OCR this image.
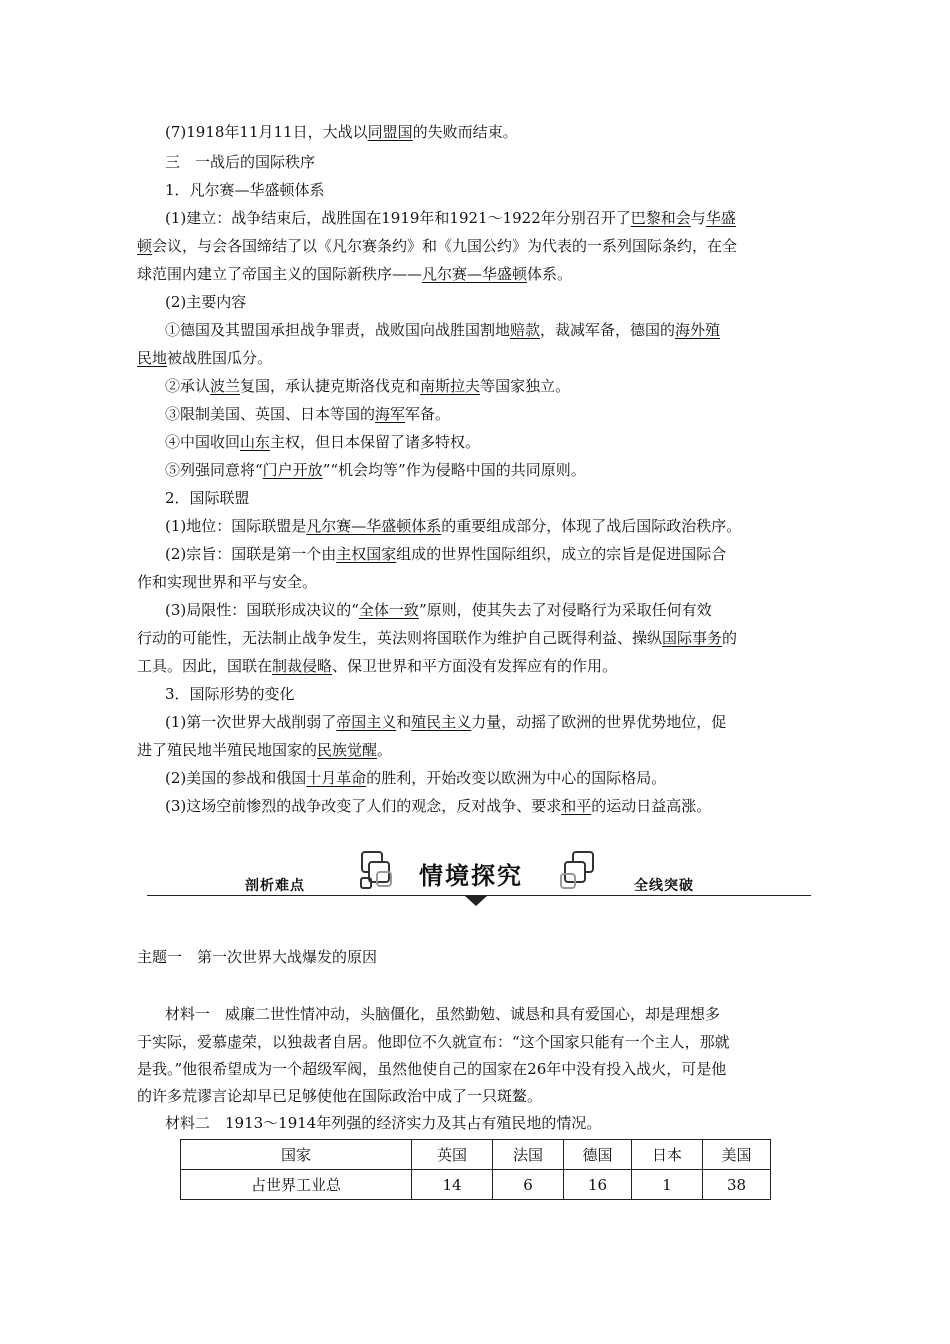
(7)1918年11月11日，大战以同盟国的失败而结束。
三　一战后的国际秩序
1．凡尔赛—华盛顿体系
(1)建立：战争结束后，战胜国在1919年和1921～1922年分别召开了巴黎和会与华盛
顿会议，与会各国缔结了以《凡尔赛条约》和《九国公约》为代表的一系列国际条约，在全
球范围内建立了帝国主义的国际新秩序——凡尔赛—华盛顿体系。
(2)主要内容
①德国及其盟国承担战争罪责，战败国向战胜国割地赔款，裁减军备，德国的海外殖
民地被战胜国瓜分。
②承认波兰复国，承认捷克斯洛伐克和南斯拉夫等国家独立。
③限制美国、英国、日本等国的海军军备。
④中国收回山东主权，但日本保留了诸多特权。
⑤列强同意将“门户开放”“机会均等”作为侵略中国的共同原则。
2．国际联盟
(1)地位：国际联盟是凡尔赛—华盛顿体系的重要组成部分，体现了战后国际政治秩序。
(2)宗旨：国联是第一个由主权国家组成的世界性国际组织，成立的宗旨是促进国际合
作和实现世界和平与安全。
(3)局限性：国联形成决议的“全体一致”原则，使其失去了对侵略行为采取任何有效
行动的可能性，无法制止战争发生，英法则将国联作为维护自己既得利益、操纵国际事务的
工具。因此，国联在制裁侵略、保卫世界和平方面没有发挥应有的作用。
3．国际形势的变化
(1)第一次世界大战削弱了帝国主义和殖民主义力量，动摇了欧洲的世界优势地位，促
进了殖民地半殖民地国家的民族觉醒。
(2)美国的参战和俄国十月革命的胜利，开始改变以欧洲为中心的国际格局。
(3)这场空前惨烈的战争改变了人们的观念，反对战争、要求和平的运动日益高涨。
剖析难点	情境探究	全线突破
主题一　第一次世界大战爆发的原因
材料一　威廉二世性情冲动，头脑僵化，虽然勤勉、诚恳和具有爱国心，却是理想多
于实际，爱慕虚荣，以独裁者自居。他即位不久就宣布：“这个国家只能有一个主人，那就
是我。”他很希望成为一个超级军阀，虽然他使自己的国家在26年中没有投入战火，可是他
的许多荒谬言论却早已足够使他在国际政治中成了一只斑鳌。
材料二　1913～1914年列强的经济实力及其占有殖民地的情况。
国家	英国	法国	德国	日本	美国
占世界工业总	14	6	16	1	38
